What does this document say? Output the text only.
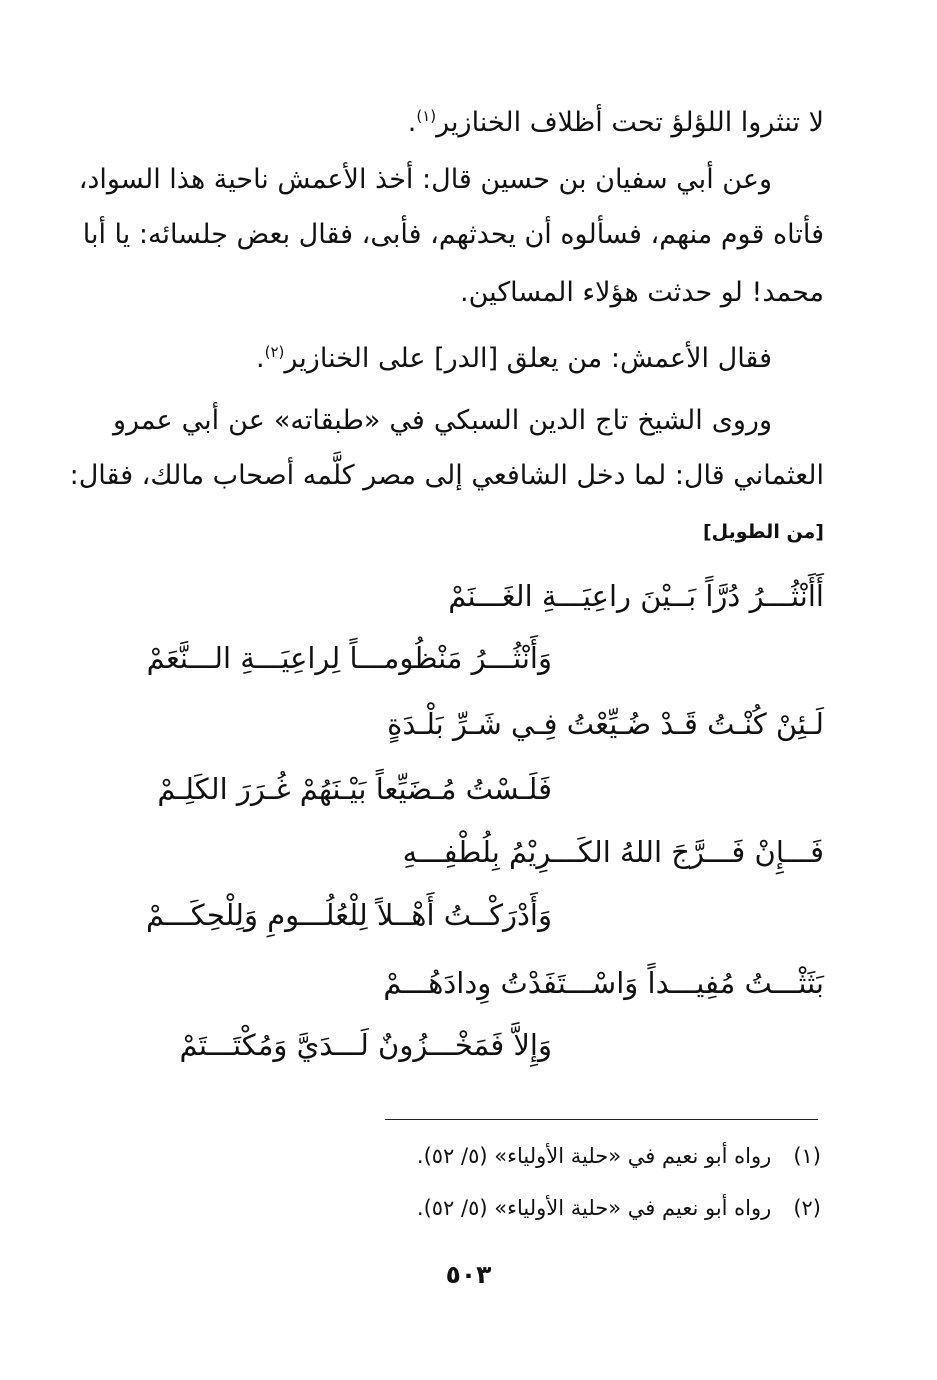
لا تنثروا اللؤلؤ تحت أظلاف الخنازير$^{(١)}$.
وعن أبي سفيان بن حسين قال: أخذ الأعمش ناحية هذا السواد،
فأتاه قوم منهم، فسألوه أن يحدثهم، فأبى، فقال بعض جلسائه: يا أبا
محمد! لو حدثت هؤلاء المساكين.
فقال الأعمش: من يعلق [الدر] على الخنازير$^{(٢)}$.
وروى الشيخ تاج الدين السبكي في «طبقاته» عن أبي عمرو
العثماني قال: لما دخل الشافعي إلى مصر كلَّمه أصحاب مالك، فقال:
[من الطويل]
أَأَنْثُـــرُ دُرَّاً بَــيْنَ راعِيَـــةِ الغَـــنَمْ
وَأَنْثُـــرُ مَنْظُومـــاً لِراعِيَـــةِ الـــنَّعَمْ
لَـئِنْ كُنْـتُ قَـدْ ضُـيِّعْتُ فِـي شَـرِّ بَلْـدَةٍ
فَلَـسْتُ مُـضَيِّعاً بَيْـنَهُمْ غُـرَرَ الكَلِـمْ
فَـــإِنْ فَـــرَّجَ اللهُ الكَـــرِيْمُ بِلُطْفِـــهِ
وَأَدْرَكْــتُ أَهْــلاً لِلْعُلُـــومِ وَلِلْحِكَـــمْ
بَثَثْـــتُ مُفِيـــداً وَاسْـــتَفَدْتُ وِدادَهُـــمْ
وَإِلاَّ فَمَخْـــزُونٌ لَـــدَيَّ وَمُكْتَـــتَمْ
(١)رواه أبو نعيم في «حلية الأولياء» (٥/ ٥٢).
(٢)رواه أبو نعيم في «حلية الأولياء» (٥/ ٥٢).
٥٠٣
